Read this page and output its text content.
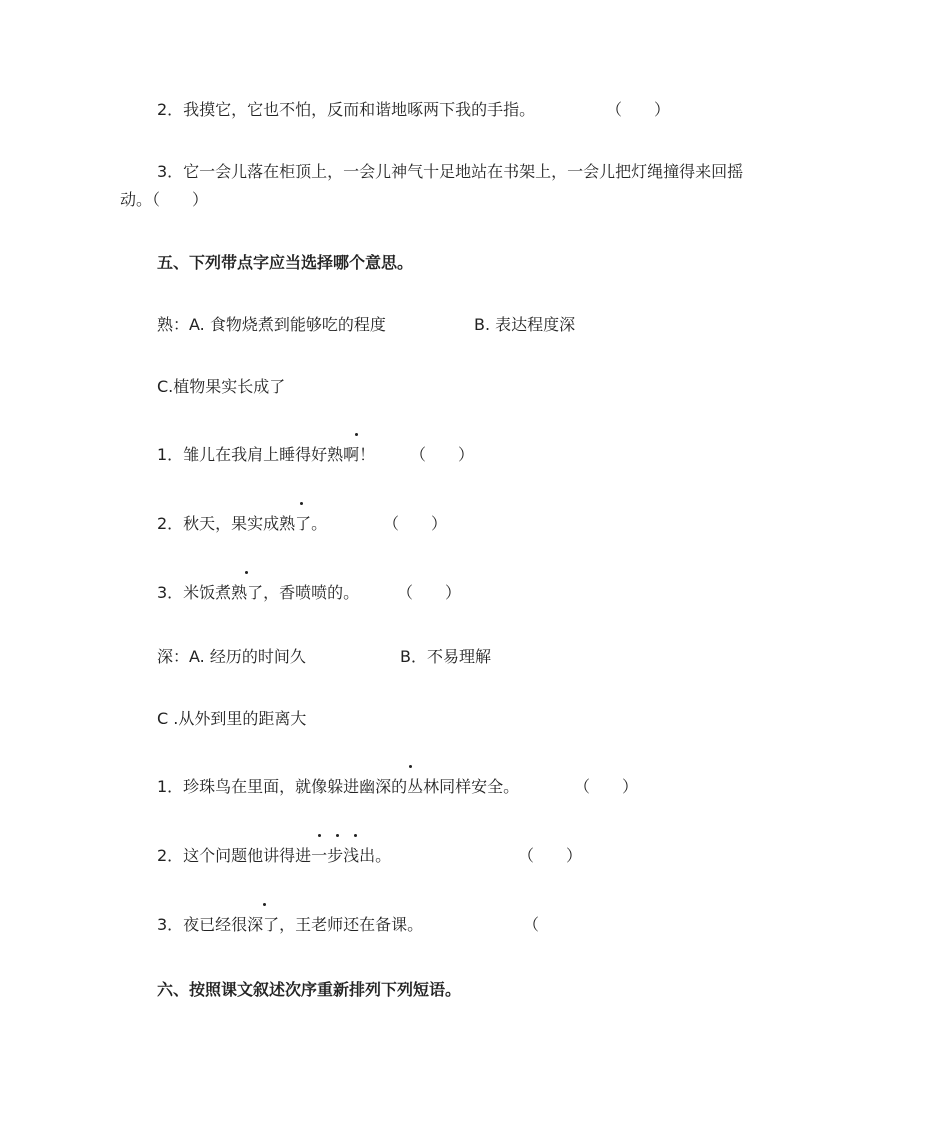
2．我摸它，它也不怕，反而和谐地啄两下我的手指。	（　　）
3．它一会儿落在柜顶上，一会儿神气十足地站在书架上，一会儿把灯绳撞得来回摇
动。（　　）
五、下列带点字应当选择哪个意思。
熟：A. 食物烧煮到能够吃的程度	B. 表达程度深
C.植物果实长成了
1．雏儿在我肩上睡得好熟啊！ （　　）
2．秋天，果实成熟了。	（　　）
3．米饭煮熟了，香喷喷的。 （　　）
深：A. 经历的时间久	B．不易理解
C .从外到里的距离大
1．珍珠鸟在里面，就像躲进幽深的丛林同样安全。	（　　）
2．这个问题他讲得进一步浅出。	（　　）
3．夜已经很深了，王老师还在备课。	（
六、按照课文叙述次序重新排列下列短语。
